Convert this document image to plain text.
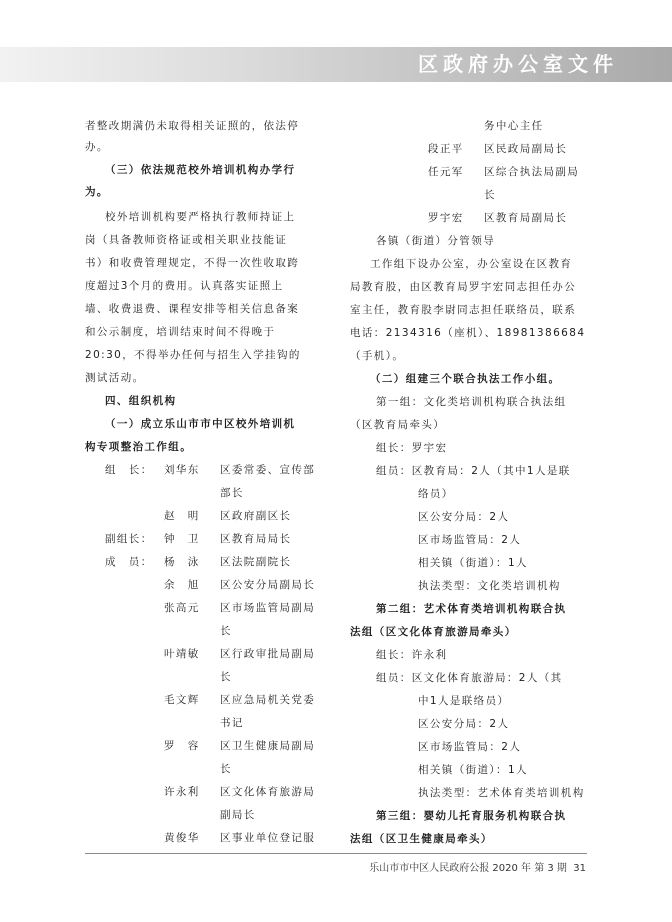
区政府办公室文件
者整改期满仍未取得相关证照的，依法停
办。
（三）依法规范校外培训机构办学行
为。
校外培训机构要严格执行教师持证上
岗（具备教师资格证或相关职业技能证
书）和收费管理规定，不得一次性收取跨
度超过3个月的费用。认真落实证照上
墙、收费退费、课程安排等相关信息备案
和公示制度，培训结束时间不得晚于
20:30，不得举办任何与招生入学挂钩的
测试活动。
四、组织机构
（一）成立乐山市市中区校外培训机
构专项整治工作组。
组　长： 刘华东 区委常委、宣传部
部长
赵　明 区政府副区长
副组长： 钟　卫 区教育局局长
成　员： 杨　泳 区法院副院长
余　旭 区公安分局副局长
张高元 区市场监管局副局
长
叶靖敏 区行政审批局副局
长
毛文辉 区应急局机关党委
书记
罗　容 区卫生健康局副局
长
许永利 区文化体育旅游局
副局长
黄俊华 区事业单位登记服
务中心主任
段正平 区民政局副局长
任元军 区综合执法局副局
长
罗宇宏 区教育局副局长
各镇（街道）分管领导
工作组下设办公室，办公室设在区教育
局教育股，由区教育局罗宇宏同志担任办公
室主任，教育股李尉同志担任联络员，联系
电话：2134316（座机）、18981386684
（手机）。
（二）组建三个联合执法工作小组。
第一组：文化类培训机构联合执法组
（区教育局牵头）
组长：罗宇宏
组员：区教育局：2人（其中1人是联
络员）
区公安分局：2人
区市场监管局：2人
相关镇（街道）：1人
执法类型：文化类培训机构
第二组：艺术体育类培训机构联合执
法组（区文化体育旅游局牵头）
组长：许永利
组员：区文化体育旅游局：2人（其
中1人是联络员）
区公安分局：2人
区市场监管局：2人
相关镇（街道）：1人
执法类型：艺术体育类培训机构
第三组：婴幼儿托育服务机构联合执
法组（区卫生健康局牵头）
乐山市市中区人民政府公报 2020 年 第 3 期  31
